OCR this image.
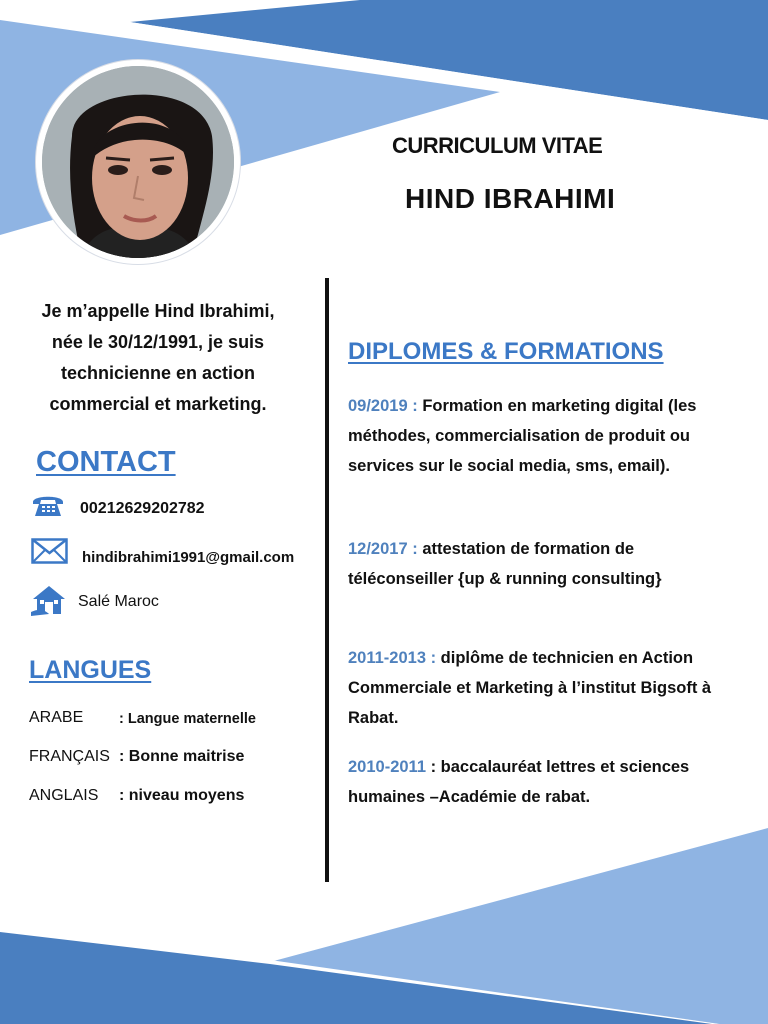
CURRICULUM VITAE
HIND IBRAHIMI
Je m’appelle Hind Ibrahimi,
née le 30/12/1991, je suis
technicienne en action
commercial et marketing.
CONTACT
00212629202782
hindibrahimi1991@gmail.com
Salé Maroc
LANGUES
ARABE : Langue maternelle
FRANÇAIS : Bonne maitrise
ANGLAIS : niveau moyens
DIPLOMES & FORMATIONS
09/2019 : Formation en marketing digital (les méthodes, commercialisation de produit ou services sur le social media, sms, email).
12/2017 : attestation de formation de téléconseiller {up & running consulting}
2011-2013 : diplôme de technicien en Action Commerciale et Marketing à l’institut Bigsoft à Rabat.
2010-2011 : baccalauréat lettres et sciences humaines –Académie de rabat.
